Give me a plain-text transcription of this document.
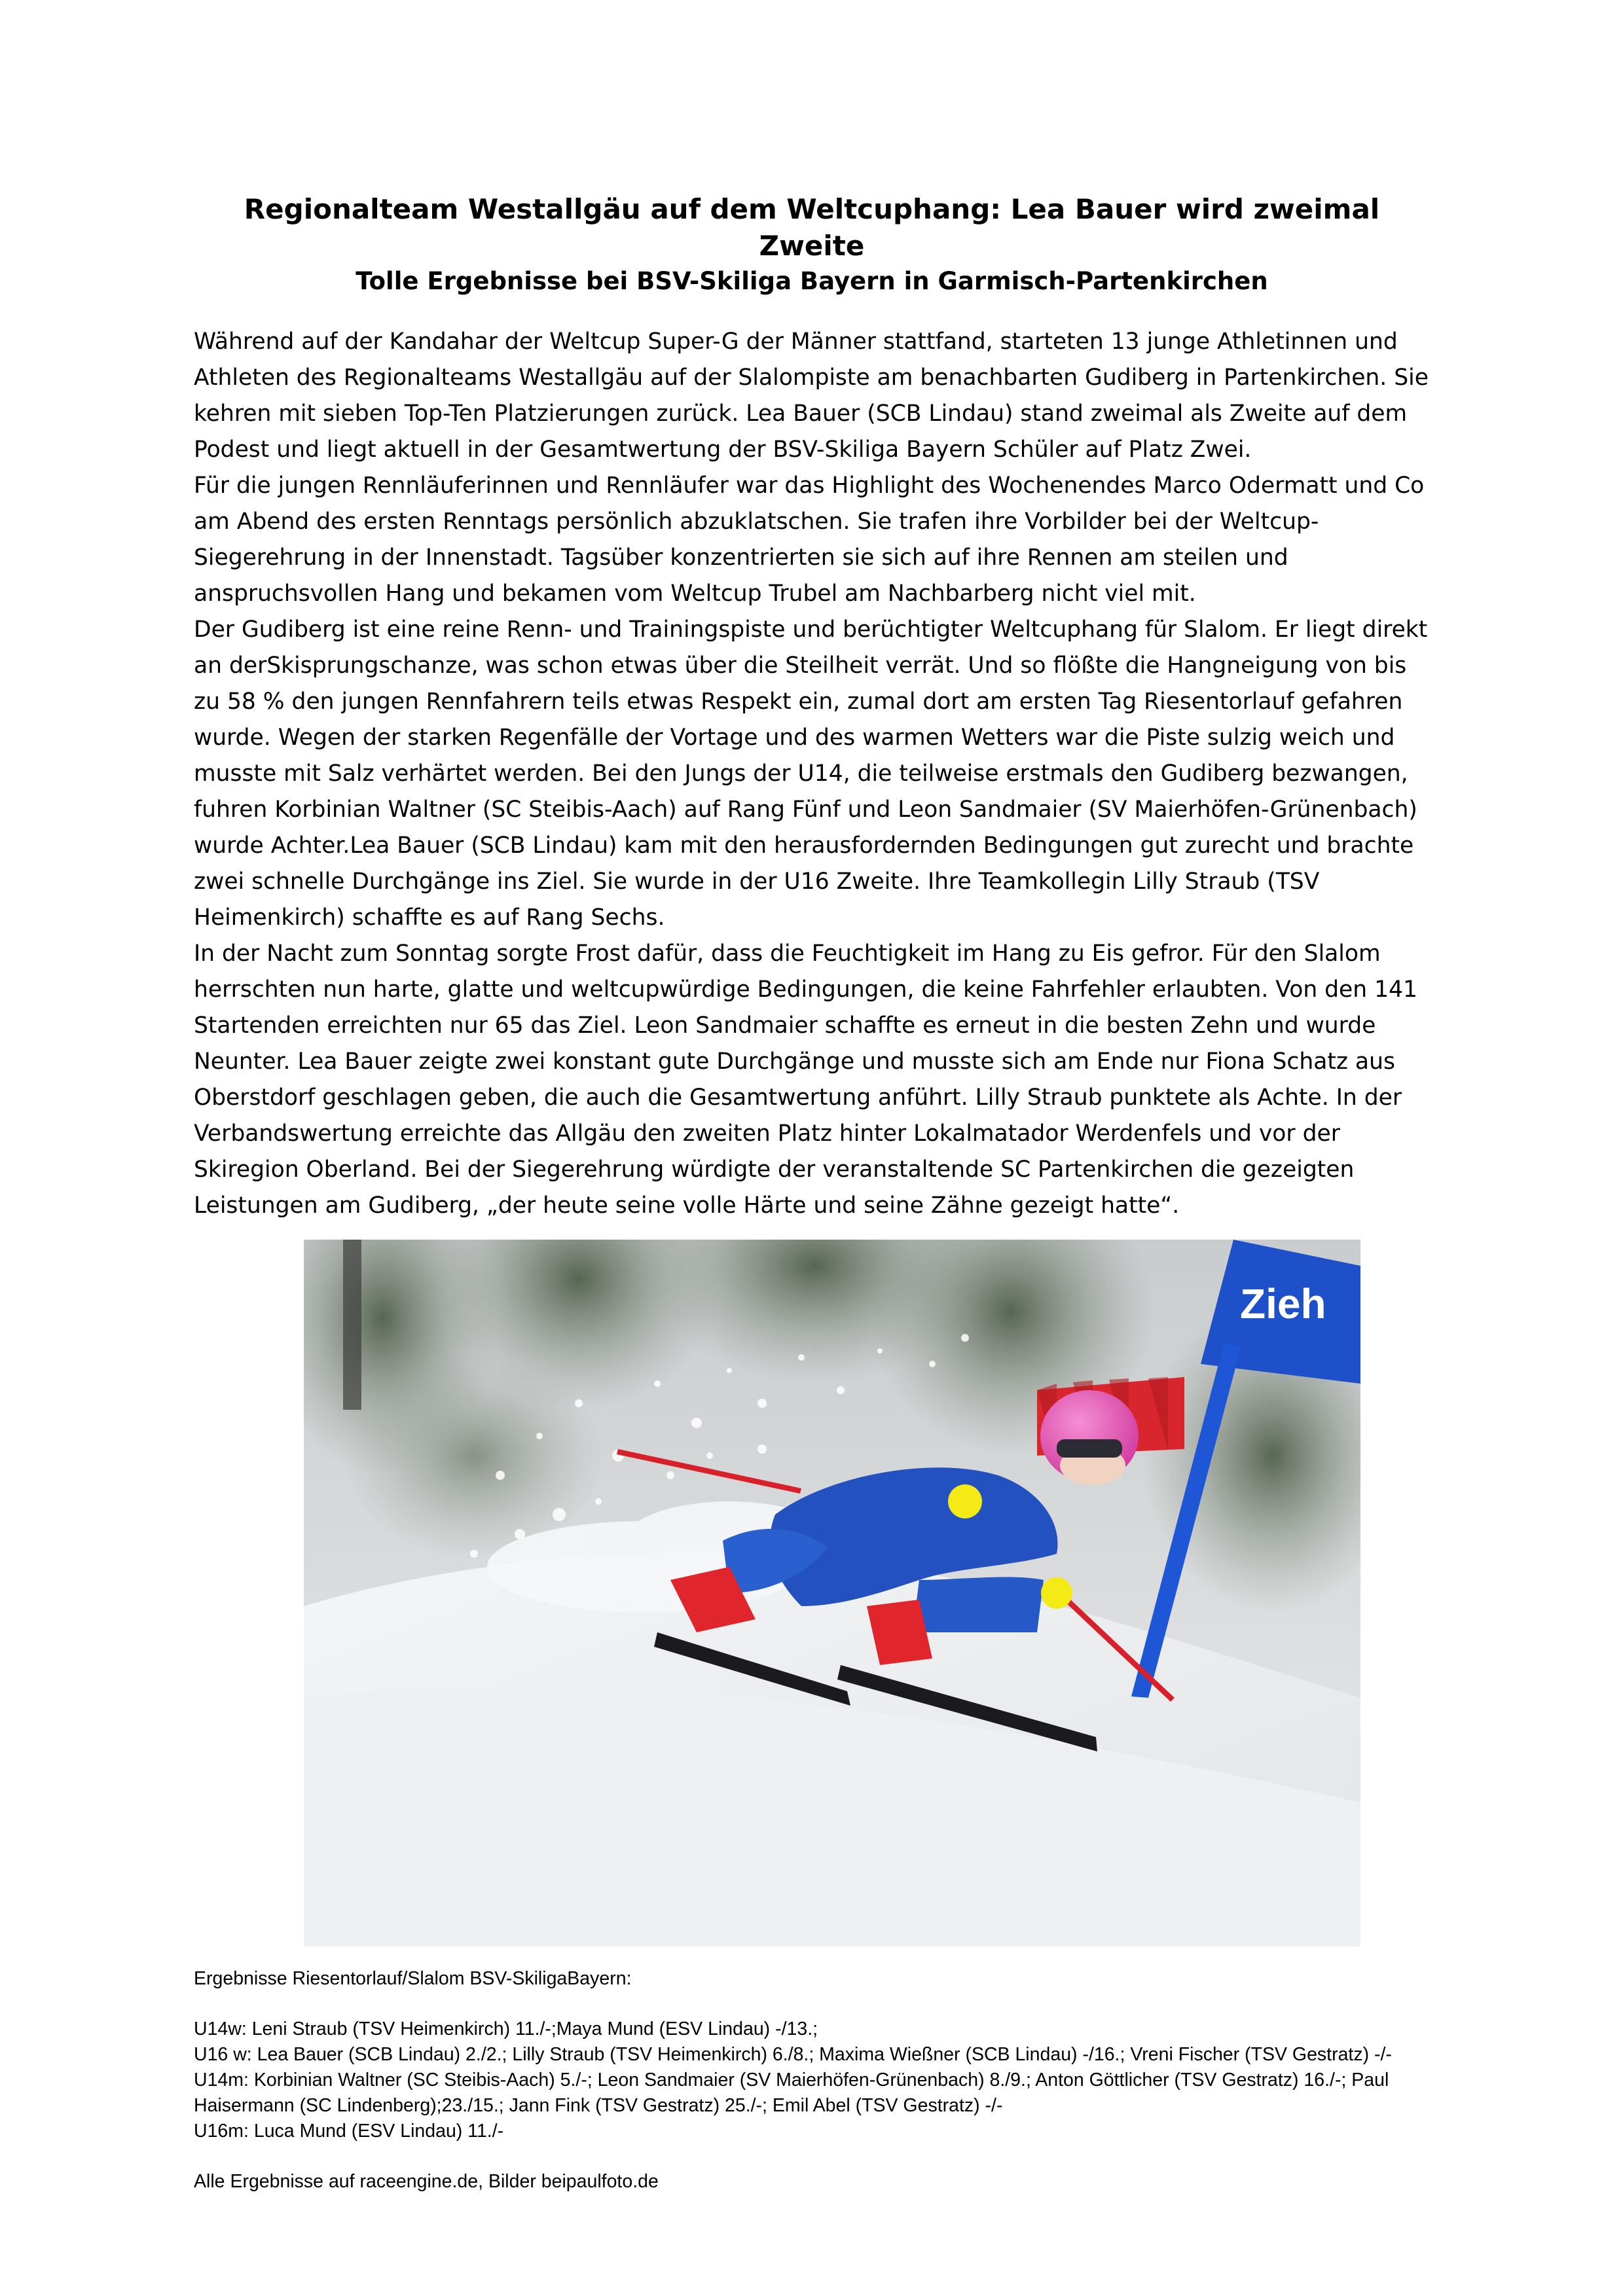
Regionalteam Westallgäu auf dem Weltcuphang: Lea Bauer wird zweimal Zweite
Tolle Ergebnisse bei BSV-Skiliga Bayern in Garmisch-Partenkirchen

Während auf der Kandahar der Weltcup Super-G der Männer stattfand, starteten 13 junge Athletinnen und Athleten des Regionalteams Westallgäu auf der Slalompiste am benachbarten Gudiberg in Partenkirchen. Sie kehren mit sieben Top-Ten Platzierungen zurück. Lea Bauer (SCB Lindau) stand zweimal als Zweite auf dem Podest und liegt aktuell in der Gesamtwertung der BSV-Skiliga Bayern Schüler auf Platz Zwei.

Für die jungen Rennläuferinnen und Rennläufer war das Highlight des Wochenendes Marco Odermatt und Co am Abend des ersten Renntags persönlich abzuklatschen. Sie trafen ihre Vorbilder bei der Weltcup-Siegerehrung in der Innenstadt. Tagsüber konzentrierten sie sich auf ihre Rennen am steilen und anspruchsvollen Hang und bekamen vom Weltcup Trubel am Nachbarberg nicht viel mit.

Der Gudiberg ist eine reine Renn- und Trainingspiste und berüchtigter Weltcuphang für Slalom. Er liegt direkt an derSkisprungschanze, was schon etwas über die Steilheit verrät. Und so flößte die Hangneigung von bis zu 58 % den jungen Rennfahrern teils etwas Respekt ein, zumal dort am ersten Tag Riesentorlauf gefahren wurde. Wegen der starken Regenfälle der Vortage und des warmen Wetters war die Piste sulzig weich und musste mit Salz verhärtet werden. Bei den Jungs der U14, die teilweise erstmals den Gudiberg bezwangen, fuhren Korbinian Waltner (SC Steibis-Aach) auf Rang Fünf und Leon Sandmaier (SV Maierhöfen-Grünenbach) wurde Achter.Lea Bauer (SCB Lindau) kam mit den herausfordernden Bedingungen gut zurecht und brachte zwei schnelle Durchgänge ins Ziel. Sie wurde in der U16 Zweite. Ihre Teamkollegin Lilly Straub (TSV Heimenkirch) schaffte es auf Rang Sechs.

In der Nacht zum Sonntag sorgte Frost dafür, dass die Feuchtigkeit im Hang zu Eis gefror. Für den Slalom herrschten nun harte, glatte und weltcupwürdige Bedingungen, die keine Fahrfehler erlaubten. Von den 141 Startenden erreichten nur 65 das Ziel. Leon Sandmaier schaffte es erneut in die besten Zehn und wurde Neunter. Lea Bauer zeigte zwei konstant gute Durchgänge und musste sich am Ende nur Fiona Schatz aus Oberstdorf geschlagen geben, die auch die Gesamtwertung anführt. Lilly Straub punktete als Achte. In der Verbandswertung erreichte das Allgäu den zweiten Platz hinter Lokalmatador Werdenfels und vor der Skiregion Oberland. Bei der Siegerehrung würdigte der veranstaltende SC Partenkirchen die gezeigten Leistungen am Gudiberg, „der heute seine volle Härte und seine Zähne gezeigt hatte“.

Zieh

Ergebnisse Riesentorlauf/Slalom BSV-SkiligaBayern:

U14w: Leni Straub (TSV Heimenkirch) 11./-;Maya Mund (ESV Lindau) -/13.;

U16 w: Lea Bauer (SCB Lindau) 2./2.; Lilly Straub (TSV Heimenkirch) 6./8.; Maxima Wießner (SCB Lindau) -/16.; Vreni Fischer (TSV Gestratz) -/-

U14m: Korbinian Waltner (SC Steibis-Aach) 5./-; Leon Sandmaier (SV Maierhöfen-Grünenbach) 8./9.; Anton Göttlicher (TSV Gestratz) 16./-; Paul Haisermann (SC Lindenberg);23./15.; Jann Fink (TSV Gestratz) 25./-; Emil Abel (TSV Gestratz) -/-

U16m: Luca Mund (ESV Lindau) 11./-

Alle Ergebnisse auf raceengine.de, Bilder beipaulfoto.de
